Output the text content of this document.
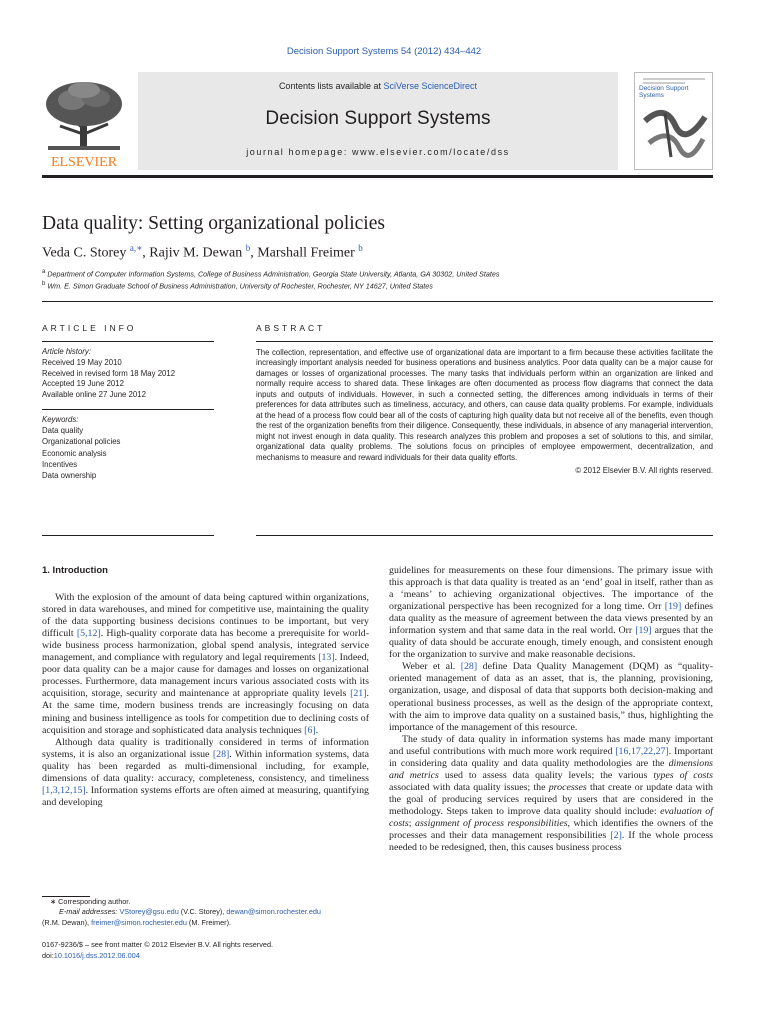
Decision Support Systems 54 (2012) 434–442
ELSEVIER
Contents lists available at SciVerse ScienceDirect
Decision Support Systems
journal homepage: www.elsevier.com/locate/dss
Decision Support Systems
Data quality: Setting organizational policies
Veda C. Storey $^{a,∗}$, Rajiv M. Dewan $^b$, Marshall Freimer $^b$
$^a$ Department of Computer Information Systems, College of Business Administration, Georgia State University, Atlanta, GA 30302, United States
$^b$ Wm. E. Simon Graduate School of Business Administration, University of Rochester, Rochester, NY 14627, United States
ARTICLE INFO	ABSTRACT
Article history:
Received 19 May 2010
Received in revised form 18 May 2012
Accepted 19 June 2012
Available online 27 June 2012
Keywords:
Data quality
Organizational policies
Economic analysis
Incentives
Data ownership
The collection, representation, and effective use of organizational data are important to a firm because these activities facilitate the increasingly important analysis needed for business operations and business analytics. Poor data quality can be a major cause for damages or losses of organizational processes. The many tasks that individuals perform within an organization are linked and normally require access to shared data. These linkages are often documented as process flow diagrams that connect the data inputs and outputs of individuals. However, in such a connected setting, the differences among individuals in terms of their preferences for data attributes such as timeliness, accuracy, and others, can cause data quality problems. For example, individuals at the head of a process flow could bear all of the costs of capturing high quality data but not receive all of the benefits, even though the rest of the organization benefits from their diligence. Consequently, these individuals, in absence of any managerial intervention, might not invest enough in data quality. This research analyzes this problem and proposes a set of solutions to this, and similar, organizational data quality problems. The solutions focus on principles of employee empowerment, decentralization, and mechanisms to measure and reward individuals for their data quality efforts.
© 2012 Elsevier B.V. All rights reserved.
1. Introduction

With the explosion of the amount of data being captured within organizations, stored in data warehouses, and mined for competitive use, maintaining the quality of the data supporting business decisions continues to be important, but very difficult [5,12]. High-quality corporate data has become a prerequisite for world-wide business process harmonization, global spend analysis, integrated service management, and compliance with regulatory and legal requirements [13]. Indeed, poor data quality can be a major cause for damages and losses on organizational processes. Furthermore, data management incurs various associated costs with its acquisition, storage, security and maintenance at appropriate quality levels [21]. At the same time, modern business trends are increasingly focusing on data mining and business intelligence as tools for competition due to declining costs of acquisition and storage and sophisticated data analysis techniques [6].

Although data quality is traditionally considered in terms of information systems, it is also an organizational issue [28]. Within information systems, data quality has been regarded as multi-dimensional including, for example, dimensions of data quality: accuracy, completeness, consistency, and timeliness [1,3,12,15]. Information systems efforts are often aimed at measuring, quantifying and developing

guidelines for measurements on these four dimensions. The primary issue with this approach is that data quality is treated as an ‘end’ goal in itself, rather than as a ‘means’ to achieving organizational objectives. The importance of the organizational perspective has been recognized for a long time. Orr [19] defines data quality as the measure of agreement between the data views presented by an information system and that same data in the real world. Orr [19] argues that the quality of data should be accurate enough, timely enough, and consistent enough for the organization to survive and make reasonable decisions.

Weber et al. [28] define Data Quality Management (DQM) as “quality-oriented management of data as an asset, that is, the planning, provisioning, organization, usage, and disposal of data that supports both decision-making and operational business processes, as well as the design of the appropriate context, with the aim to improve data quality on a sustained basis,” thus, highlighting the importance of the management of this resource.

The study of data quality in information systems has made many important and useful contributions with much more work required [16,17,22,27]. Important in considering data quality and data quality methodologies are the dimensions and metrics used to assess data quality levels; the various types of costs associated with data quality issues; the processes that create or update data with the goal of producing services required by users that are considered in the methodology. Steps taken to improve data quality should include: evaluation of costs; assignment of process responsibilities, which identifies the owners of the processes and their data management responsibilities [2]. If the whole process needed to be redesigned, then, this causes business process

∗ Corresponding author.
E-mail addresses: VStorey@gsu.edu (V.C. Storey), dewan@simon.rochester.edu
(R.M. Dewan), freimer@simon.rochester.edu (M. Freimer).
0167-9236/$ – see front matter © 2012 Elsevier B.V. All rights reserved.
doi:10.1016/j.dss.2012.06.004
